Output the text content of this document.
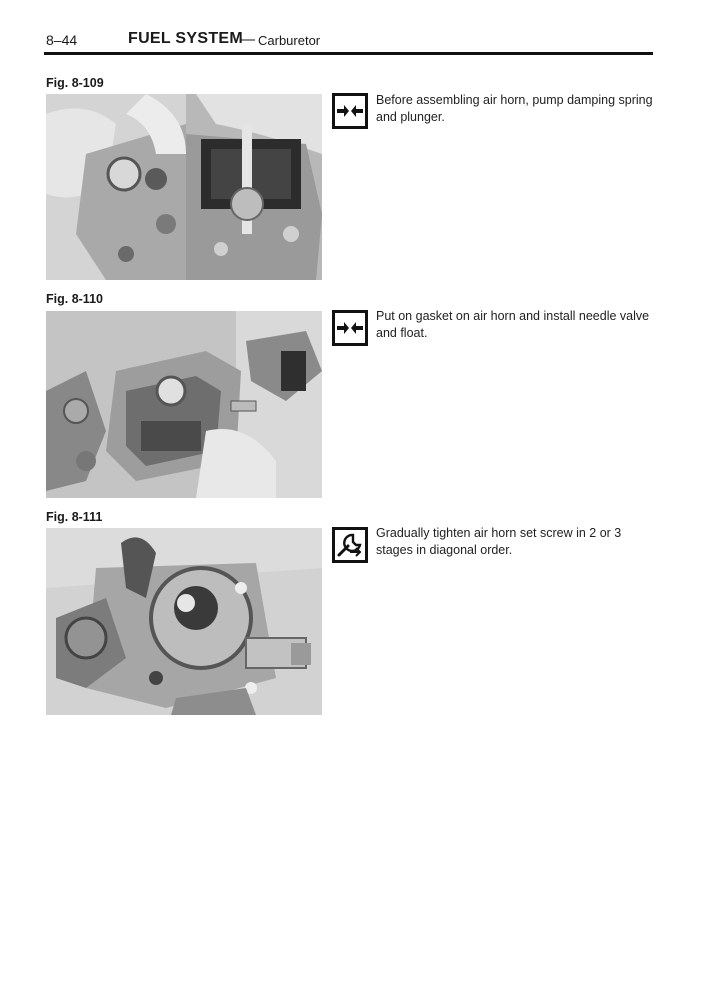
8–44	FUEL SYSTEM
— Carburetor
Fig. 8-109
Before assembling air horn, pump damping spring and plunger.
Fig. 8-110
Put on gasket on air horn and install needle valve and float.
Fig. 8-111
Gradually tighten air horn set screw in 2 or 3 stages in diagonal order.
